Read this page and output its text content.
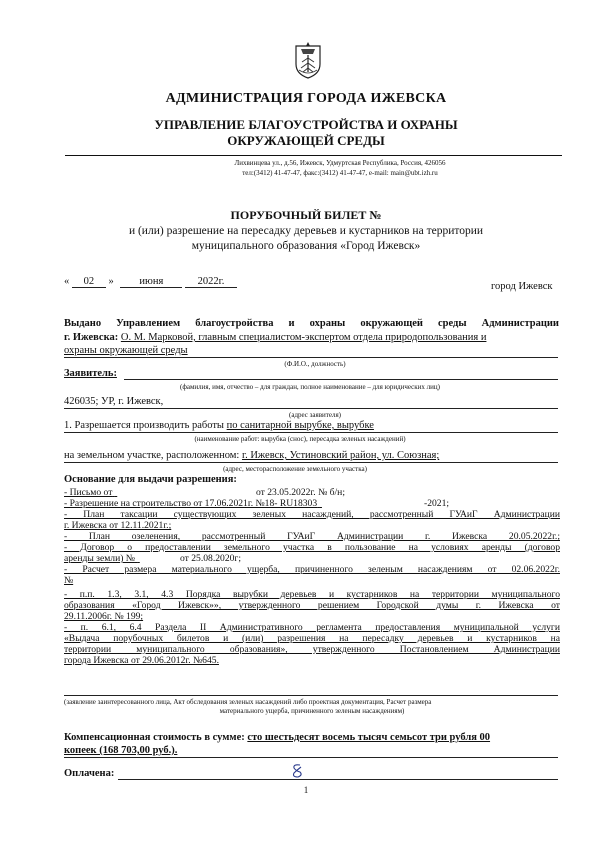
АДМИНИСТРАЦИЯ ГОРОДА ИЖЕВСКА
УПРАВЛЕНИЕ БЛАГОУСТРОЙСТВА И ОХРАНЫ
ОКРУЖАЮЩЕЙ СРЕДЫ
Лихвинцева ул., д.56, Ижевск, Удмуртская Республика, Россия, 426056
тел:(3412) 41-47-47, факс:(3412) 41-47-47, e-mail: main@ubt.izh.ru
ПОРУБОЧНЫЙ БИЛЕТ №
и (или) разрешение на пересадку деревьев и кустарников на территории
муниципального образования «Город Ижевск»
« 02 » июня	2022г.	город Ижевск
Выдано Управлением благоустройства и охраны окружающей среды Администрации
г. Ижевска: О. М. Марковой, главным специалистом-экспертом отдела природопользования и
охраны окружающей среды
(Ф.И.О., должность)
Заявитель:
(фамилия, имя, отчество – для граждан, полное наименование – для юридических лиц)
426035; УР, г. Ижевск,
(адрес заявителя)
1. Разрешается производить работы по санитарной вырубке, вырубке
(наименование работ: вырубка (снос), пересадка зеленых насаждений)
на земельном участке, расположенном: г. Ижевск, Устиновский район, ул. Союзная;
(адрес, месторасположение земельного участка)
Основание для выдачи разрешения:
- Письмо от	от 23.05.2022г. № б/н;

- Разрешение на строительство от 17.06.2021г. №18- RU18303	-2021;

- План таксации существующих зеленых насаждений, рассмотренный ГУАиГ Администрации
г. Ижевска от 12.11.2021г.;
- План озеленения, рассмотренный ГУАиГ Администрации г. Ижевска 20.05.2022г.;
- Договор о предоставлении земельного участка в пользование на условиях аренды (договор
аренды земли) №	от 25.08.2020г;

- Расчет размера материального ущерба, причиненного зеленым насаждениям от 02.06.2022г.
№
- п.п. 1.3, 3.1, 4.3 Порядка вырубки деревьев и кустарников на территории муниципального
образования «Город Ижевск»», утвержденного решением Городской думы г. Ижевска от
29.11.2006г. № 199;
- п. 6.1, 6.4 Раздела II Административного регламента предоставления муниципальной услуги
«Выдача порубочных билетов и (или) разрешения на пересадку деревьев и кустарников на
территории муниципального образования», утвержденного Постановлением Администрации
города Ижевска от 29.06.2012г. №645.
(заявление заинтересованного лица, Акт обследования зеленых насаждений либо проектная документация, Расчет размера
материального ущерба, причиненного зеленым насаждениям)
Компенсационная стоимость в сумме: сто шестьдесят восемь тысяч семьсот три рубля 00
копеек (168 703,00 руб.).
Оплачена:
1
